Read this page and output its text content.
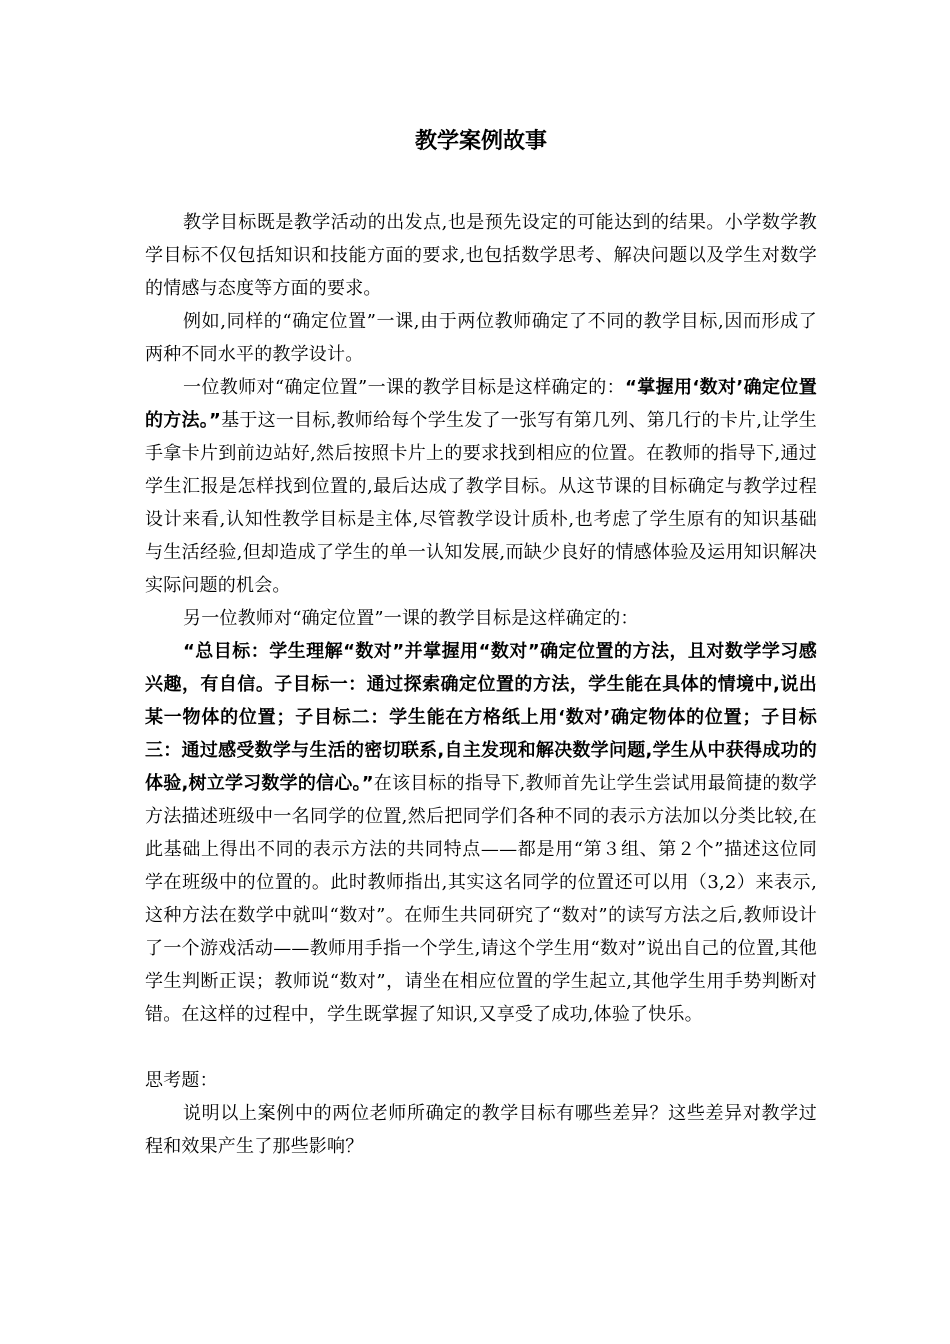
教学案例故事

教学目标既是教学活动的出发点,也是预先设定的可能达到的结果。小学数学教学目标不仅包括知识和技能方面的要求,也包括数学思考、解决问题以及学生对数学的情感与态度等方面的要求。

例如,同样的“确定位置”一课,由于两位教师确定了不同的教学目标,因而形成了两种不同水平的教学设计。

一位教师对“确定位置”一课的教学目标是这样确定的：“掌握用‘数对’确定位置的方法。”基于这一目标,教师给每个学生发了一张写有第几列、第几行的卡片,让学生手拿卡片到前边站好,然后按照卡片上的要求找到相应的位置。在教师的指导下,通过学生汇报是怎样找到位置的,最后达成了教学目标。从这节课的目标确定与教学过程设计来看,认知性教学目标是主体,尽管教学设计质朴,也考虑了学生原有的知识基础与生活经验,但却造成了学生的单一认知发展,而缺少良好的情感体验及运用知识解决实际问题的机会。

另一位教师对“确定位置”一课的教学目标是这样确定的：

“总目标：学生理解“数对”并掌握用“数对”确定位置的方法，且对数学学习感兴趣，有自信。子目标一：通过探索确定位置的方法，学生能在具体的情境中,说出某一物体的位置；子目标二：学生能在方格纸上用‘数对’确定物体的位置；子目标三：通过感受数学与生活的密切联系,自主发现和解决数学问题,学生从中获得成功的体验,树立学习数学的信心。”在该目标的指导下,教师首先让学生尝试用最简捷的数学方法描述班级中一名同学的位置,然后把同学们各种不同的表示方法加以分类比较,在此基础上得出不同的表示方法的共同特点——都是用“第３组、第２个”描述这位同学在班级中的位置的。此时教师指出,其实这名同学的位置还可以用（3,2）来表示,这种方法在数学中就叫“数对”。在师生共同研究了“数对”的读写方法之后,教师设计了一个游戏活动——教师用手指一个学生,请这个学生用“数对”说出自己的位置,其他学生判断正误；教师说“数对”，请坐在相应位置的学生起立,其他学生用手势判断对错。在这样的过程中，学生既掌握了知识,又享受了成功,体验了快乐。

思考题：

说明以上案例中的两位老师所确定的教学目标有哪些差异？这些差异对教学过程和效果产生了那些影响？
